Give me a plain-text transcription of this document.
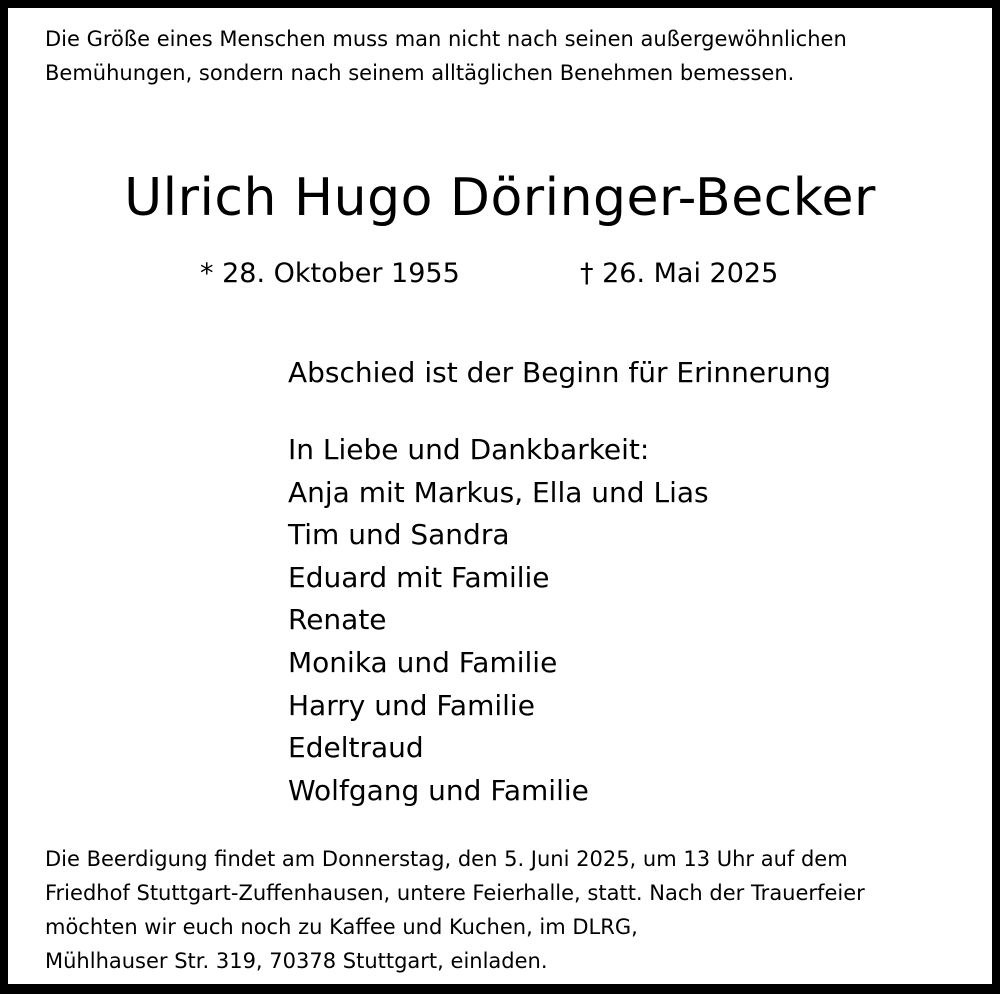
Die Größe eines Menschen muss man nicht nach seinen außergewöhnlichen
Bemühungen, sondern nach seinem alltäglichen Benehmen bemessen.
Ulrich Hugo Döringer-Becker
* 28. Oktober 1955	† 26. Mai 2025
Abschied ist der Beginn für Erinnerung
In Liebe und Dankbarkeit:
Anja mit Markus, Ella und Lias
Tim und Sandra
Eduard mit Familie
Renate
Monika und Familie
Harry und Familie
Edeltraud
Wolfgang und Familie
Die Beerdigung findet am Donnerstag, den 5. Juni 2025, um 13 Uhr auf dem
Friedhof Stuttgart-Zuffenhausen, untere Feierhalle, statt. Nach der Trauerfeier
möchten wir euch noch zu Kaffee und Kuchen, im DLRG,
Mühlhauser Str. 319, 70378 Stuttgart, einladen.
